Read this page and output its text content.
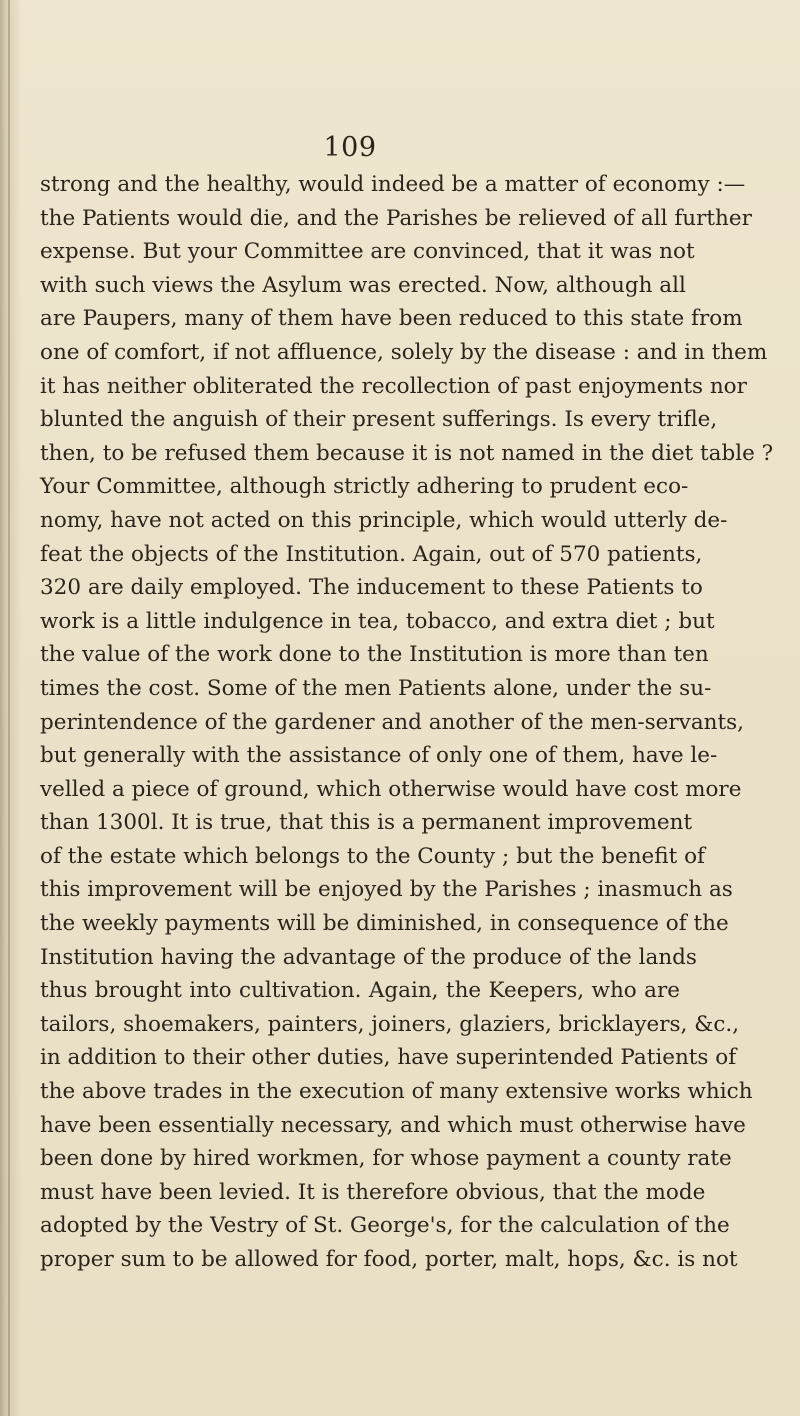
109
strong and the healthy, would indeed be a matter of economy :—
the Patients would die, and the Parishes be relieved of all further
expense. But your Committee are convinced, that it was not
with such views the Asylum was erected. Now, although all
are Paupers, many of them have been reduced to this state from
one of comfort, if not affluence, solely by the disease : and in them
it has neither obliterated the recollection of past enjoyments nor
blunted the anguish of their present sufferings. Is every trifle,
then, to be refused them because it is not named in the diet table ?
Your Committee, although strictly adhering to prudent eco-
nomy, have not acted on this principle, which would utterly de-
feat the objects of the Institution. Again, out of 570 patients,
320 are daily employed. The inducement to these Patients to
work is a little indulgence in tea, tobacco, and extra diet ; but
the value of the work done to the Institution is more than ten
times the cost. Some of the men Patients alone, under the su-
perintendence of the gardener and another of the men-servants,
but generally with the assistance of only one of them, have le-
velled a piece of ground, which otherwise would have cost more
than 1300l. It is true, that this is a permanent improvement
of the estate which belongs to the County ; but the benefit of
this improvement will be enjoyed by the Parishes ; inasmuch as
the weekly payments will be diminished, in consequence of the
Institution having the advantage of the produce of the lands
thus brought into cultivation. Again, the Keepers, who are
tailors, shoemakers, painters, joiners, glaziers, bricklayers, &c.,
in addition to their other duties, have superintended Patients of
the above trades in the execution of many extensive works which
have been essentially necessary, and which must otherwise have
been done by hired workmen, for whose payment a county rate
must have been levied. It is therefore obvious, that the mode
adopted by the Vestry of St. George's, for the calculation of the
proper sum to be allowed for food, porter, malt, hops, &c. is not
